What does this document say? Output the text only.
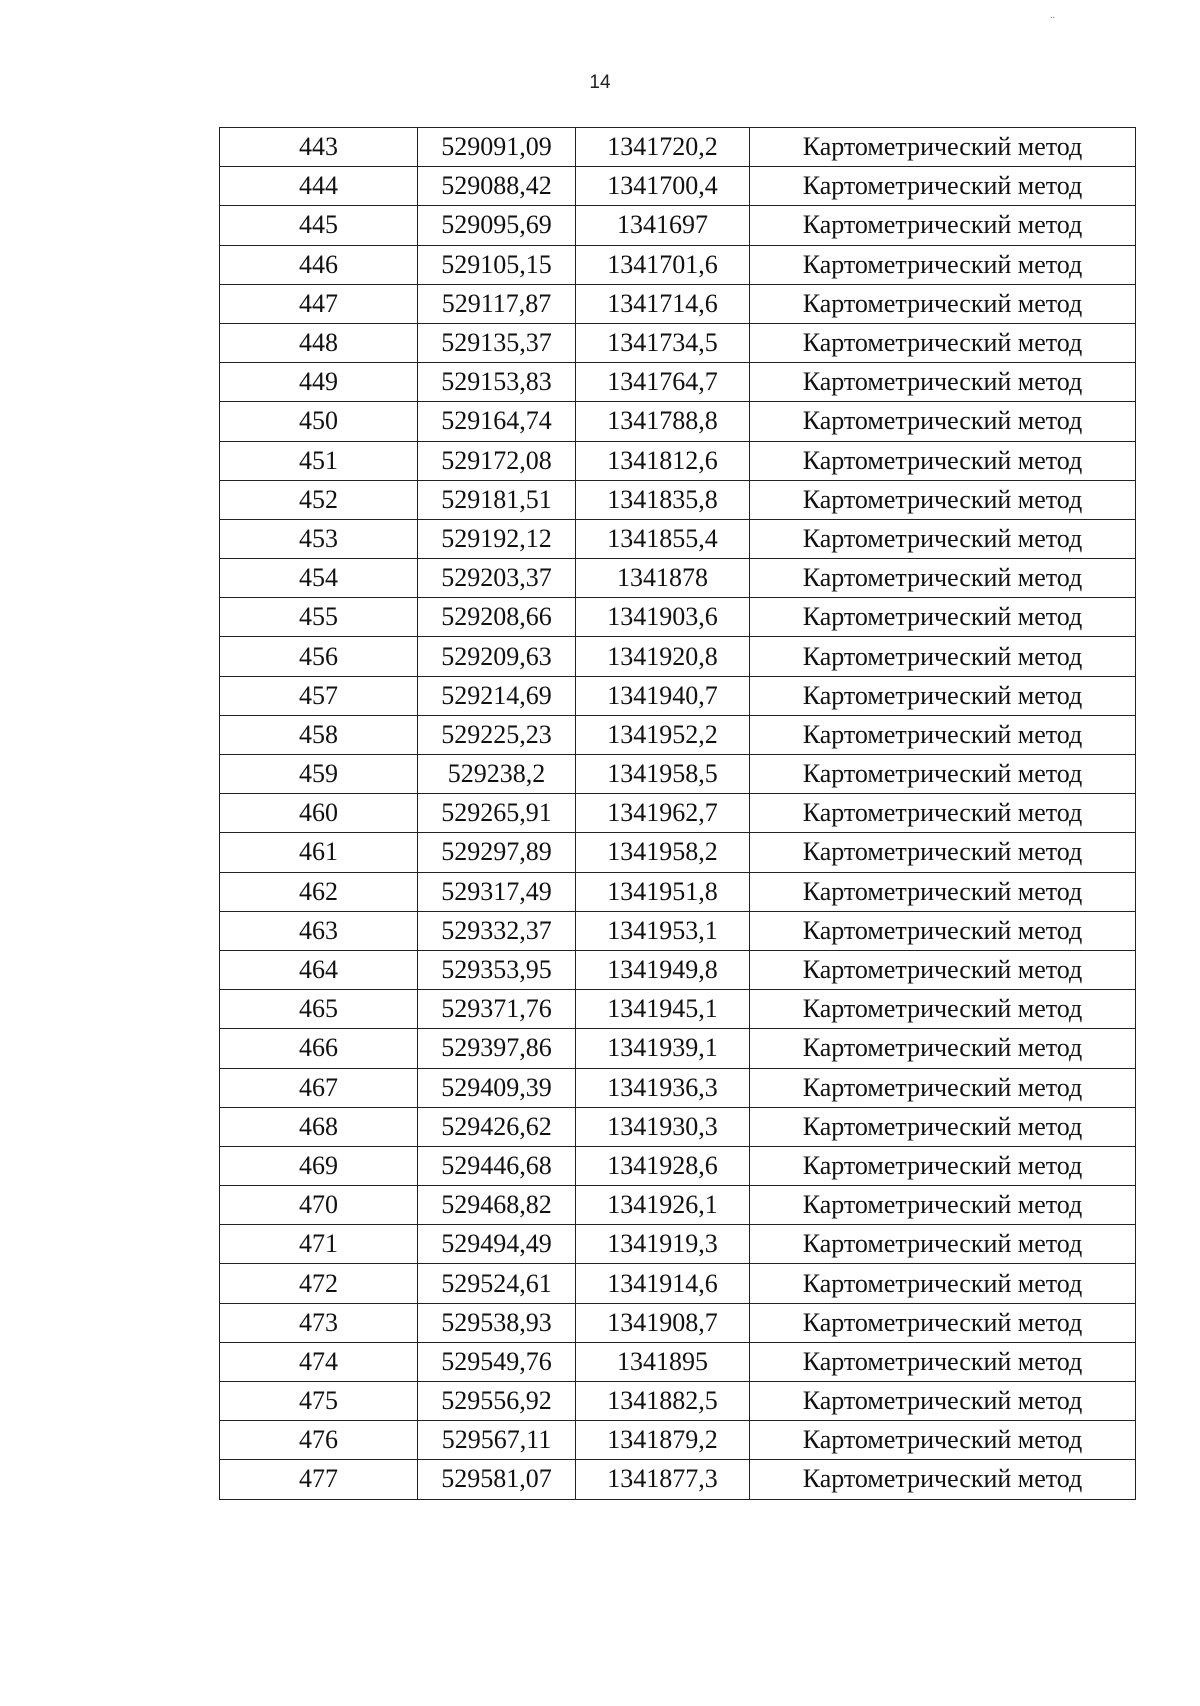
..
14
443	529091,09	1341720,2	Картометрический метод
444	529088,42	1341700,4	Картометрический метод
445	529095,69	1341697	Картометрический метод
446	529105,15	1341701,6	Картометрический метод
447	529117,87	1341714,6	Картометрический метод
448	529135,37	1341734,5	Картометрический метод
449	529153,83	1341764,7	Картометрический метод
450	529164,74	1341788,8	Картометрический метод
451	529172,08	1341812,6	Картометрический метод
452	529181,51	1341835,8	Картометрический метод
453	529192,12	1341855,4	Картометрический метод
454	529203,37	1341878	Картометрический метод
455	529208,66	1341903,6	Картометрический метод
456	529209,63	1341920,8	Картометрический метод
457	529214,69	1341940,7	Картометрический метод
458	529225,23	1341952,2	Картометрический метод
459	529238,2	1341958,5	Картометрический метод
460	529265,91	1341962,7	Картометрический метод
461	529297,89	1341958,2	Картометрический метод
462	529317,49	1341951,8	Картометрический метод
463	529332,37	1341953,1	Картометрический метод
464	529353,95	1341949,8	Картометрический метод
465	529371,76	1341945,1	Картометрический метод
466	529397,86	1341939,1	Картометрический метод
467	529409,39	1341936,3	Картометрический метод
468	529426,62	1341930,3	Картометрический метод
469	529446,68	1341928,6	Картометрический метод
470	529468,82	1341926,1	Картометрический метод
471	529494,49	1341919,3	Картометрический метод
472	529524,61	1341914,6	Картометрический метод
473	529538,93	1341908,7	Картометрический метод
474	529549,76	1341895	Картометрический метод
475	529556,92	1341882,5	Картометрический метод
476	529567,11	1341879,2	Картометрический метод
477	529581,07	1341877,3	Картометрический метод
